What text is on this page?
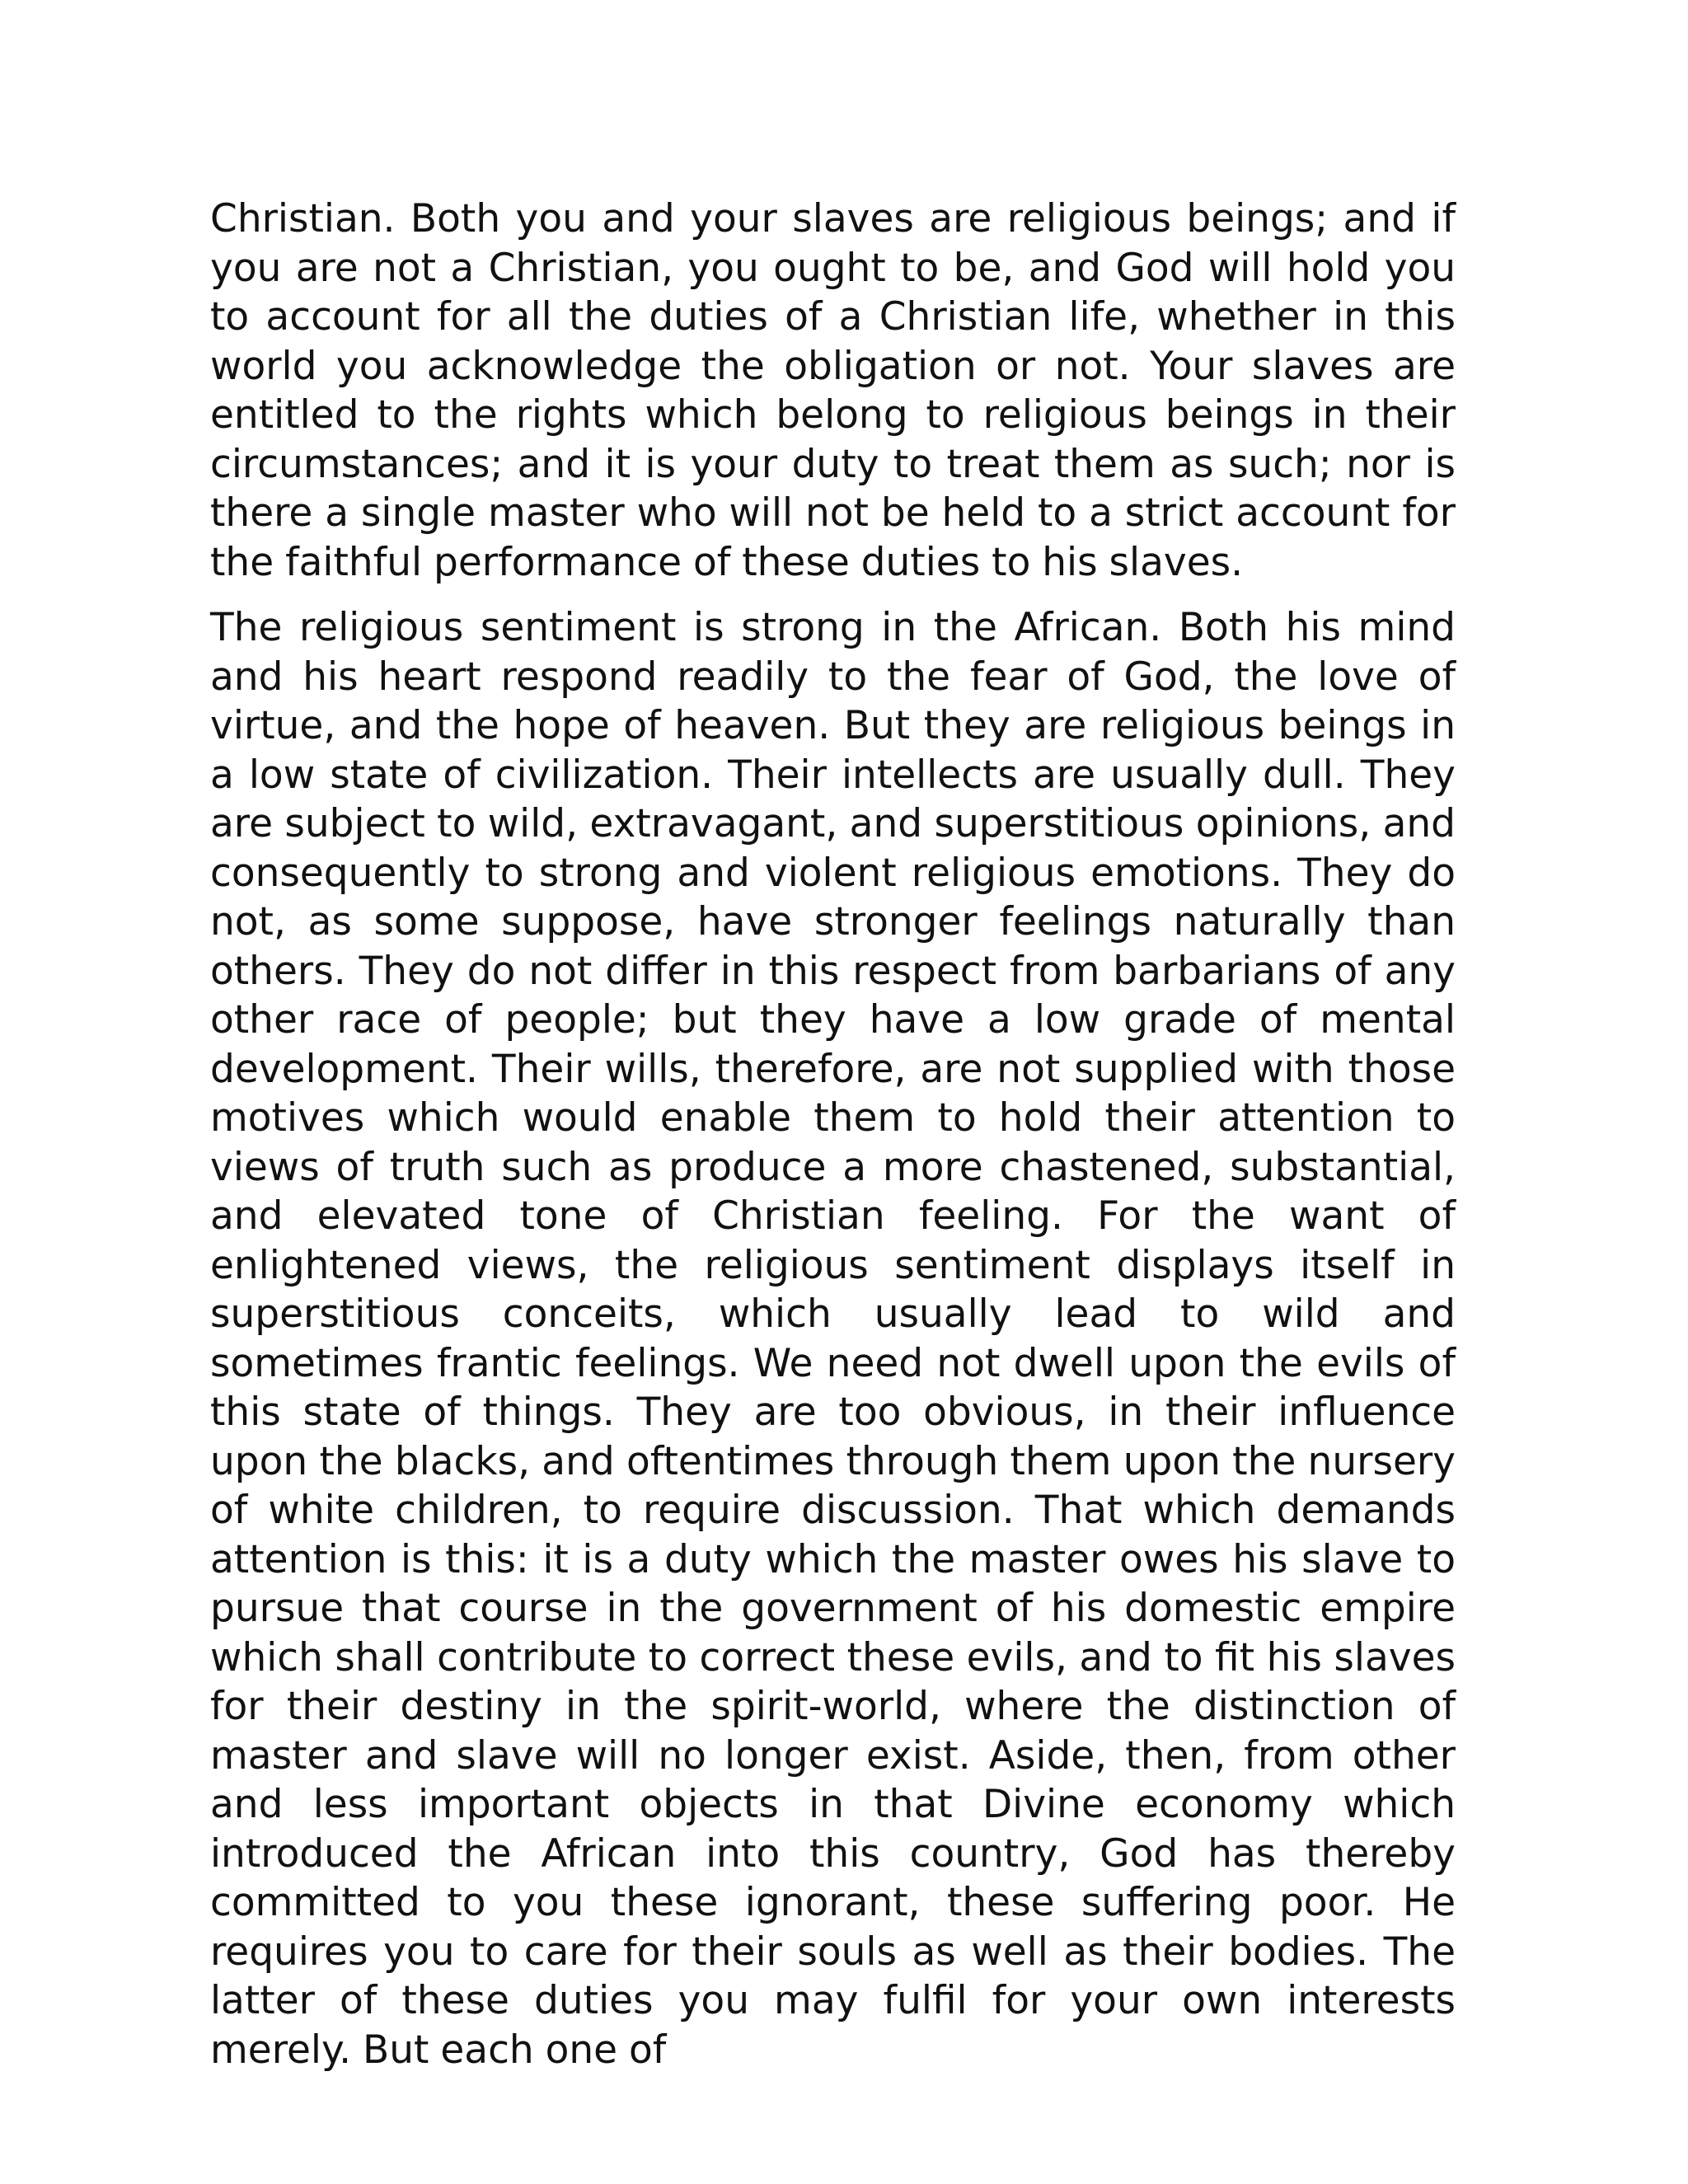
Christian. Both you and your slaves are religious beings; and if you are not a Christian, you ought to be, and God will hold you to account for all the duties of a Christian life, whether in this world you acknowledge the obligation or not. Your slaves are entitled to the rights which belong to religious beings in their circumstances; and it is your duty to treat them as such; nor is there a single master who will not be held to a strict account for the faithful performance of these duties to his slaves.

The religious sentiment is strong in the African. Both his mind and his heart respond readily to the fear of God, the love of virtue, and the hope of heaven. But they are religious beings in a low state of civilization. Their intellects are usually dull. They are subject to wild, extravagant, and superstitious opinions, and consequently to strong and violent religious emotions. They do not, as some suppose, have stronger feelings naturally than others. They do not differ in this respect from barbarians of any other race of people; but they have a low grade of mental development. Their wills, therefore, are not supplied with those motives which would enable them to hold their attention to views of truth such as produce a more chastened, substantial, and elevated tone of Christian feeling. For the want of enlightened views, the religious sentiment displays itself in superstitious conceits, which usually lead to wild and sometimes frantic feelings. We need not dwell upon the evils of this state of things. They are too obvious, in their influence upon the blacks, and oftentimes through them upon the nursery of white children, to require discussion. That which demands attention is this: it is a duty which the master owes his slave to pursue that course in the government of his domestic empire which shall contribute to correct these evils, and to fit his slaves for their destiny in the spirit-world, where the distinction of master and slave will no longer exist. Aside, then, from other and less important objects in that Divine economy which introduced the African into this country, God has thereby committed to you these ignorant, these suffering poor. He requires you to care for their souls as well as their bodies. The latter of these duties you may fulfil for your own interests merely. But each one of
